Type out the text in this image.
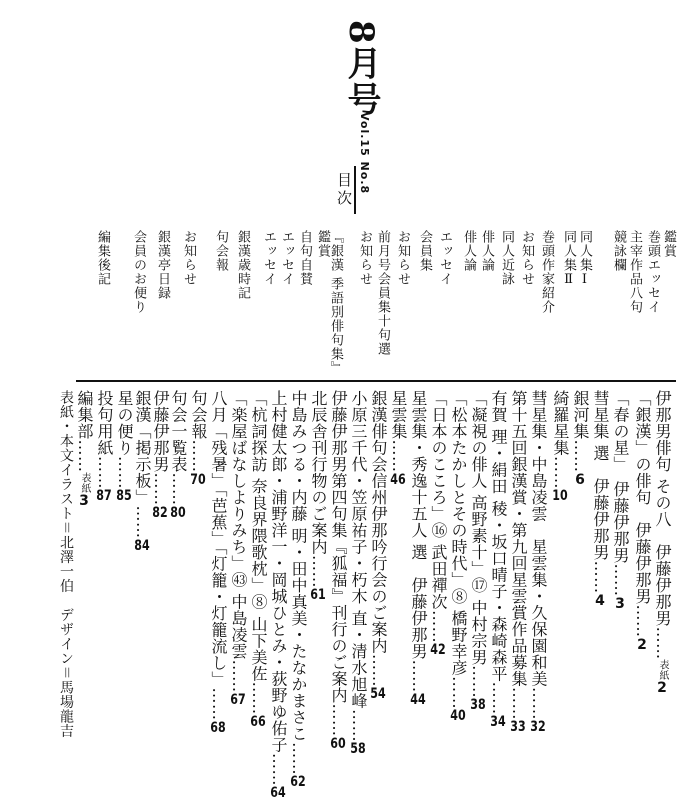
8月号
Vol.15 No.8
目次
鑑賞
巻頭エッセイ
主宰作品八句
競詠欄
同人集Ⅰ
同人集Ⅱ
巻頭作家紹介
お知らせ
同人近詠
俳人論
俳人論
エッセイ
会員集
お知らせ
前月号会員集十句選
お知らせ
『銀漢 季語別俳句集』鑑賞
自句自賛
エッセイ
エッセイ
銀漢歳時記
句会報
お知らせ
銀漢亭日録
会員のお便り
編集後記
伊那男俳句 その八　伊藤伊那男……表紙2
「銀漢」の俳句　伊藤伊那男……2
「春の星」　伊藤伊那男……3
彗星集 選　伊藤伊那男……4
銀河集……6
綺羅星集……10
彗星集・中島凌雲　星雲集・久保園和美……32
第十五回銀漢賞・第九回星雲賞作品募集……33
有賀 理・絹田 稜・坂口晴子・森崎森平……34
「凝視の俳人 高野素十」⑰ 中村宗男……38
「松本たかしとその時代」⑧ 橋野幸彦……40
「日本のこころ」⑯ 武田禪次……42
星雲集・秀逸十五人 選　伊藤伊那男……44
星雲集……46
銀漢俳句会信州伊那吟行会のご案内……54
小原三千代・笠原祐子・朽木 直・清水旭峰……58
伊藤伊那男第四句集『狐福』刊行のご案内……60
北辰舎刊行物のご案内……61
中島みつる・内藤 明・田中真美・たなかまさこ……62
上村健太郎・浦野洋一・岡城ひとみ・荻野ゆ佑子……64
「杭詞探訪 奈良界隈歌枕」⑧ 山下美佐……66
「楽屋ばなしよりみち」㊸ 中島凌雲……67
八月「残暑」「芭蕉」「灯籠・灯籠流し」……68
句会報……70
句会一覧表……80
伊藤伊那男……82
銀漢「掲示板」……84
星の便り……85
投句用紙……87
編集部……表紙3
表紙・本文イラスト＝北澤一伯　デザイン＝馬場龍吉
